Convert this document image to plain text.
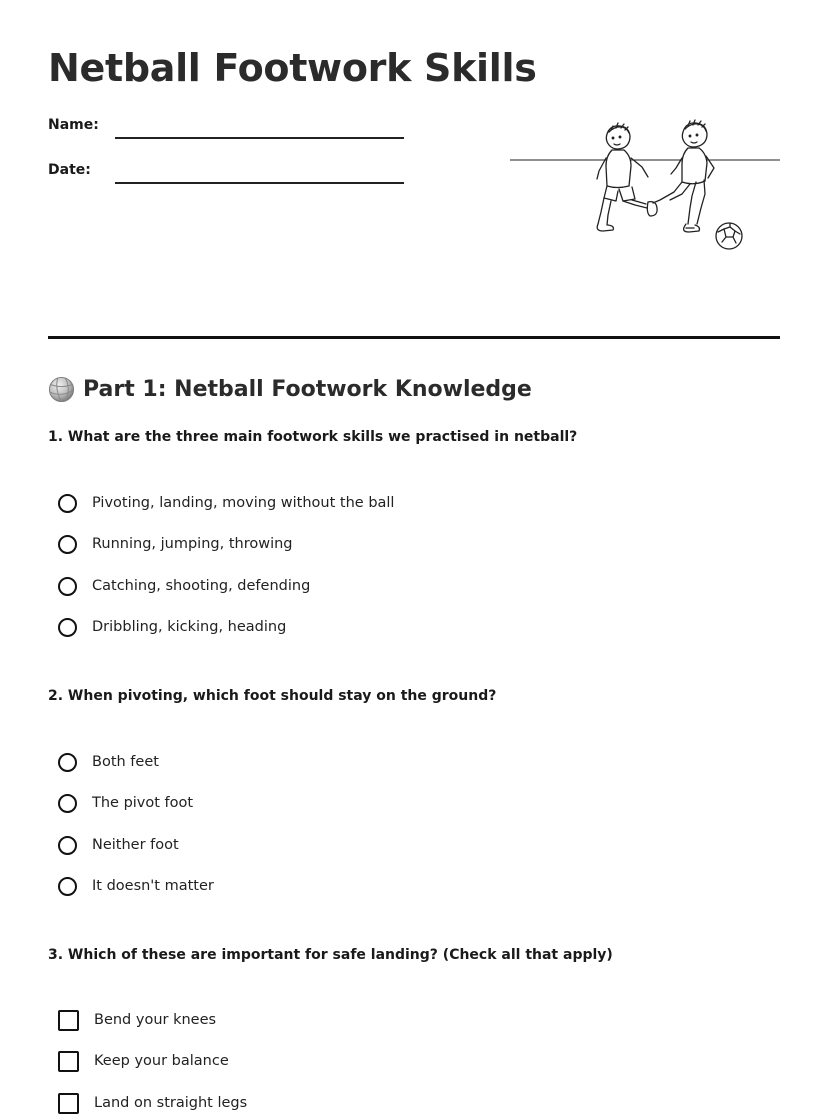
Netball Footwork Skills
Name:
Date:
Part 1: Netball Footwork Knowledge
1. What are the three main footwork skills we practised in netball?
Pivoting, landing, moving without the ball
Running, jumping, throwing
Catching, shooting, defending
Dribbling, kicking, heading
2. When pivoting, which foot should stay on the ground?
Both feet
The pivot foot
Neither foot
It doesn't matter
3. Which of these are important for safe landing? (Check all that apply)
Bend your knees
Keep your balance
Land on straight legs
